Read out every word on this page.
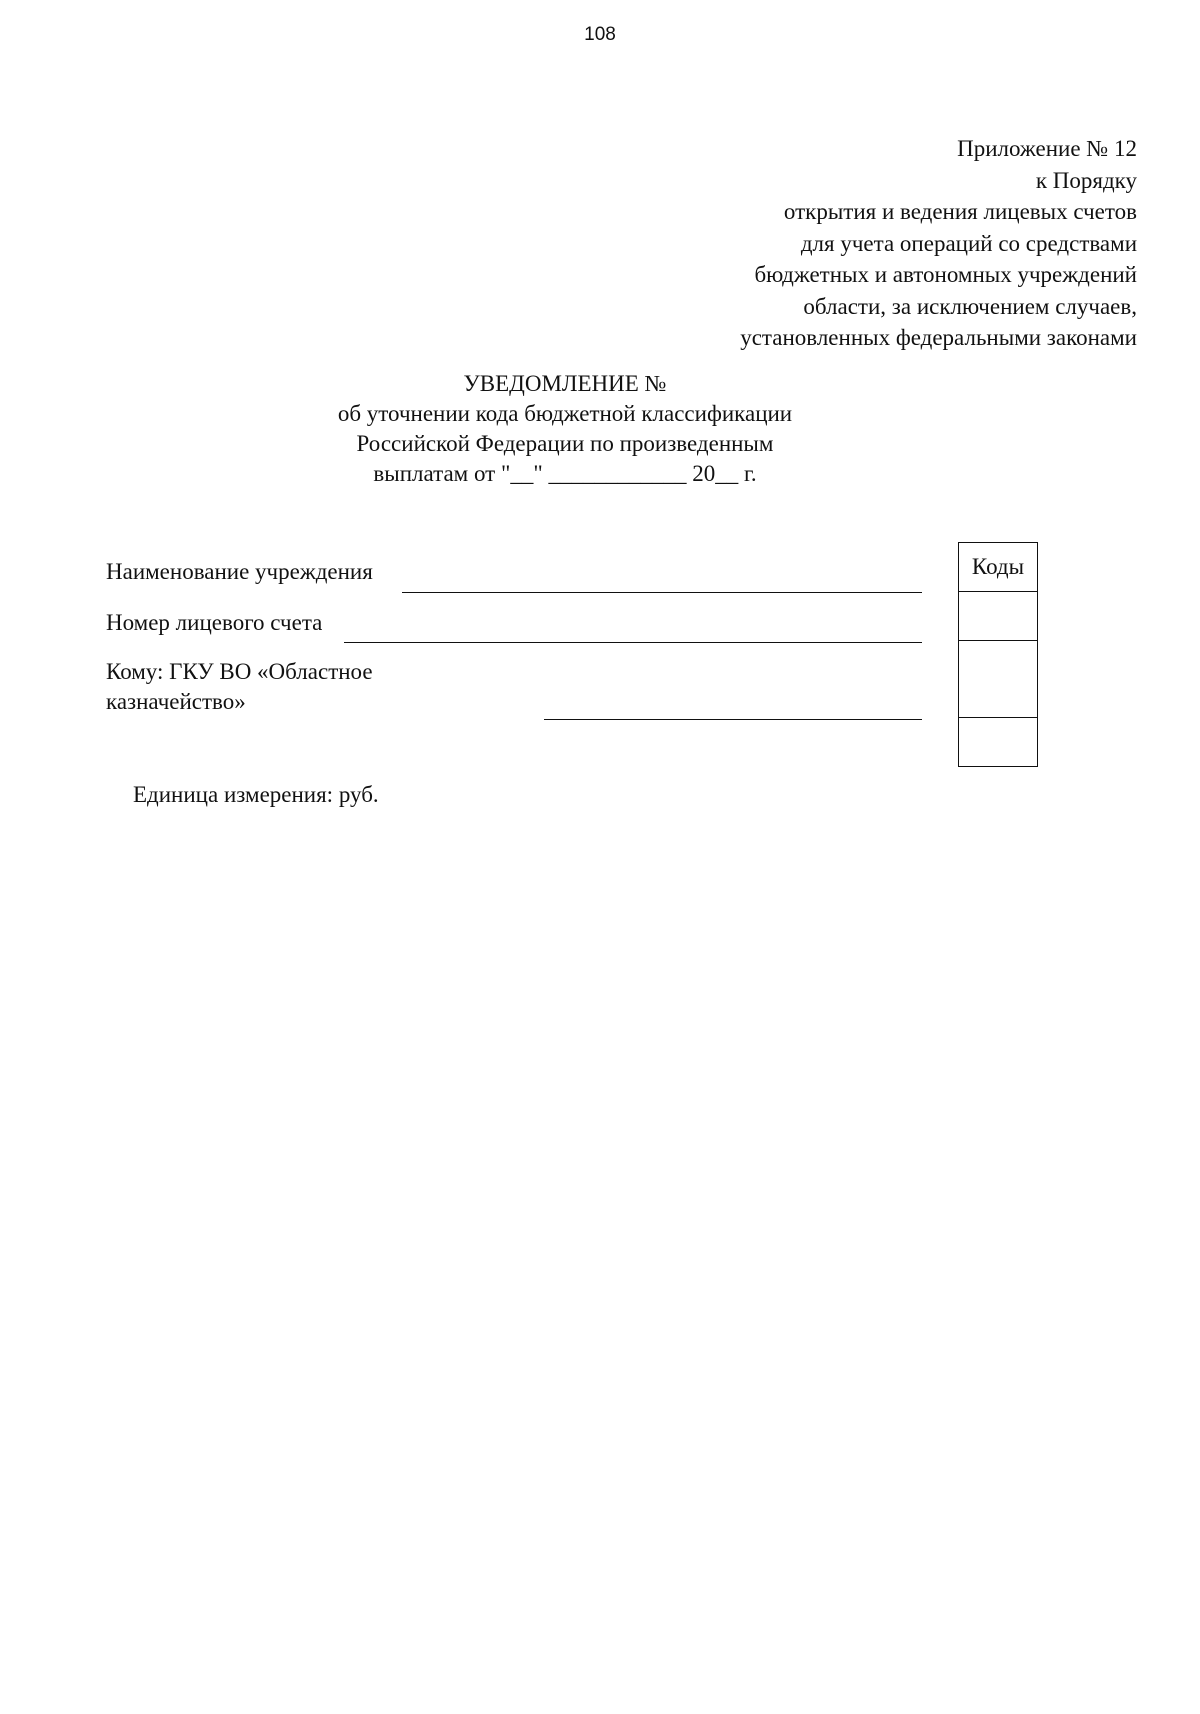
108
Приложение № 12
к Порядку
открытия и ведения лицевых счетов
для учета операций со средствами
бюджетных и автономных учреждений
области, за исключением случаев,
установленных федеральными законами
УВЕДОМЛЕНИЕ №
об уточнении кода бюджетной классификации
Российской Федерации по произведенным
выплатам от "__" ____________ 20__ г.
Наименование учреждения
Номер лицевого счета
Кому: ГКУ ВО «Областное
казначейство»
Коды

Единица измерения: руб.
